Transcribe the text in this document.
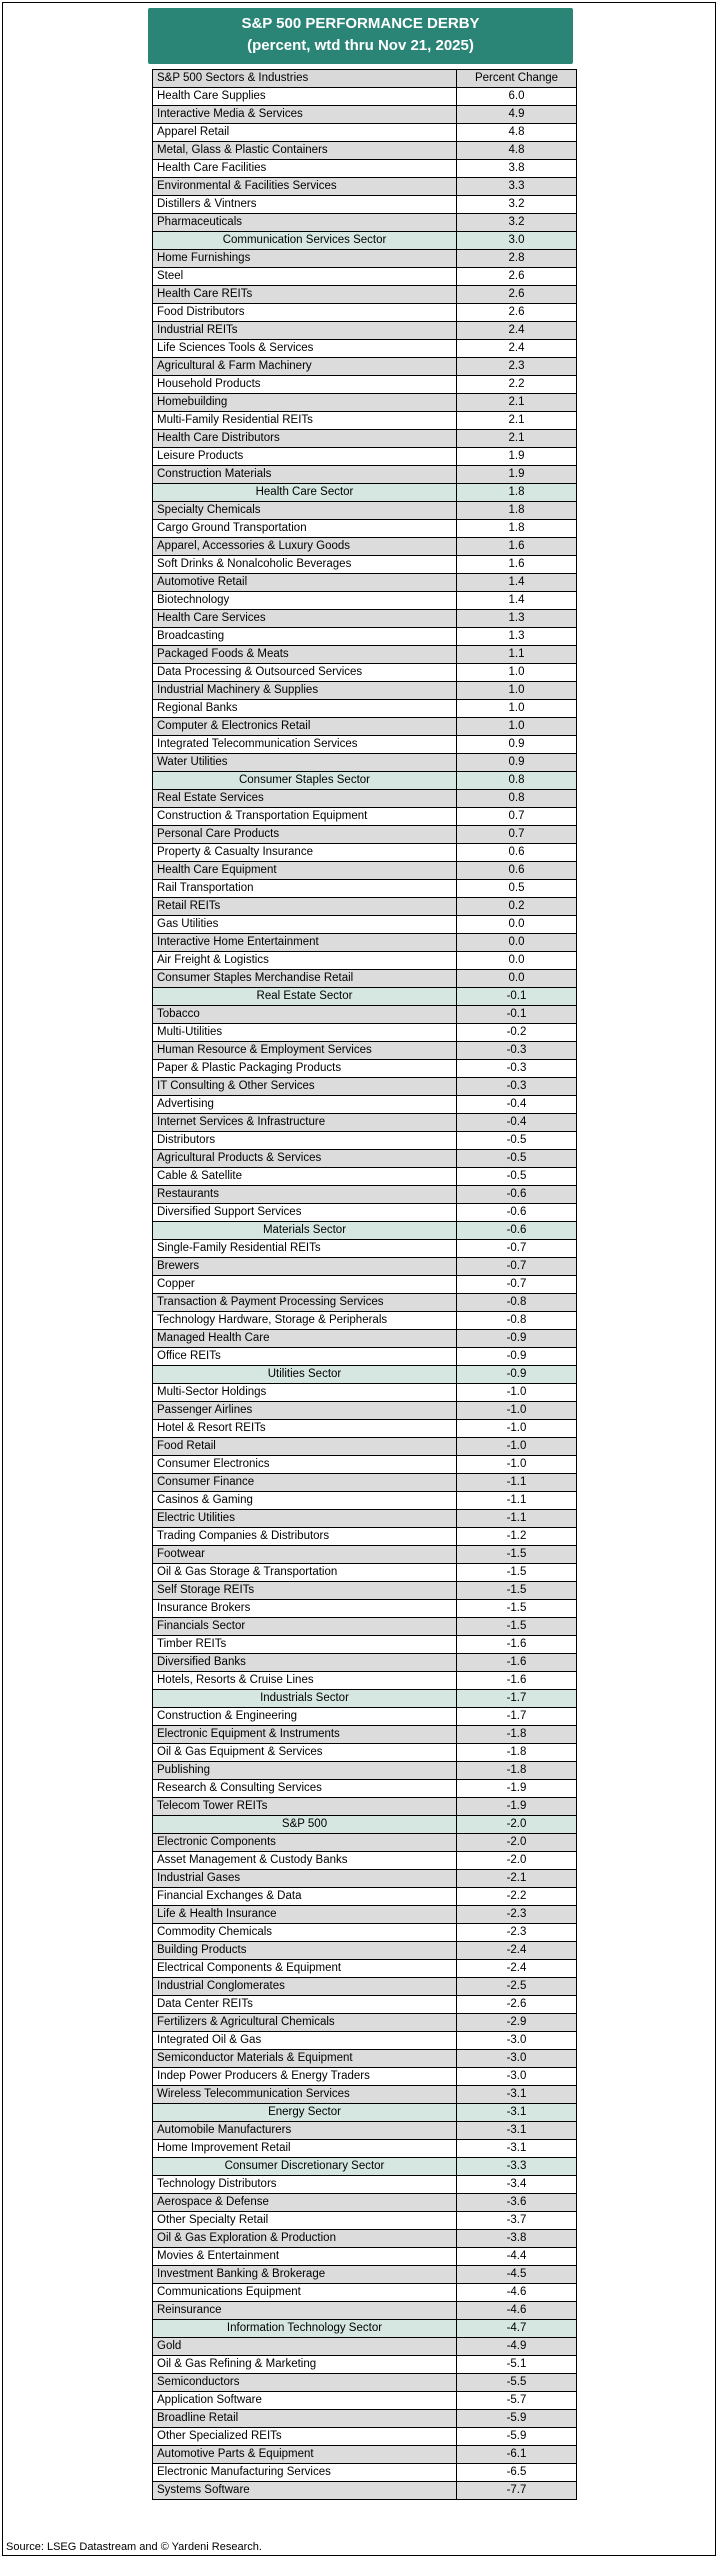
S&P 500 PERFORMANCE DERBY
(percent, wtd thru Nov 21, 2025)
S&P 500 Sectors & Industries	Percent Change
Health Care Supplies	6.0
Interactive Media & Services	4.9
Apparel Retail	4.8
Metal, Glass & Plastic Containers	4.8
Health Care Facilities	3.8
Environmental & Facilities Services	3.3
Distillers & Vintners	3.2
Pharmaceuticals	3.2
Communication Services Sector	3.0
Home Furnishings	2.8
Steel	2.6
Health Care REITs	2.6
Food Distributors	2.6
Industrial REITs	2.4
Life Sciences Tools & Services	2.4
Agricultural & Farm Machinery	2.3
Household Products	2.2
Homebuilding	2.1
Multi-Family Residential REITs	2.1
Health Care Distributors	2.1
Leisure Products	1.9
Construction Materials	1.9
Health Care Sector	1.8
Specialty Chemicals	1.8
Cargo Ground Transportation	1.8
Apparel, Accessories & Luxury Goods	1.6
Soft Drinks & Nonalcoholic Beverages	1.6
Automotive Retail	1.4
Biotechnology	1.4
Health Care Services	1.3
Broadcasting	1.3
Packaged Foods & Meats	1.1
Data Processing & Outsourced Services	1.0
Industrial Machinery & Supplies	1.0
Regional Banks	1.0
Computer & Electronics Retail	1.0
Integrated Telecommunication Services	0.9
Water Utilities	0.9
Consumer Staples Sector	0.8
Real Estate Services	0.8
Construction & Transportation Equipment	0.7
Personal Care Products	0.7
Property & Casualty Insurance	0.6
Health Care Equipment	0.6
Rail Transportation	0.5
Retail REITs	0.2
Gas Utilities	0.0
Interactive Home Entertainment	0.0
Air Freight & Logistics	0.0
Consumer Staples Merchandise Retail	0.0
Real Estate Sector	-0.1
Tobacco	-0.1
Multi-Utilities	-0.2
Human Resource & Employment Services	-0.3
Paper & Plastic Packaging Products	-0.3
IT Consulting & Other Services	-0.3
Advertising	-0.4
Internet Services & Infrastructure	-0.4
Distributors	-0.5
Agricultural Products & Services	-0.5
Cable & Satellite	-0.5
Restaurants	-0.6
Diversified Support Services	-0.6
Materials Sector	-0.6
Single-Family Residential REITs	-0.7
Brewers	-0.7
Copper	-0.7
Transaction & Payment Processing Services	-0.8
Technology Hardware, Storage & Peripherals	-0.8
Managed Health Care	-0.9
Office REITs	-0.9
Utilities Sector	-0.9
Multi-Sector Holdings	-1.0
Passenger Airlines	-1.0
Hotel & Resort REITs	-1.0
Food Retail	-1.0
Consumer Electronics	-1.0
Consumer Finance	-1.1
Casinos & Gaming	-1.1
Electric Utilities	-1.1
Trading Companies & Distributors	-1.2
Footwear	-1.5
Oil & Gas Storage & Transportation	-1.5
Self Storage REITs	-1.5
Insurance Brokers	-1.5
Financials Sector	-1.5
Timber REITs	-1.6
Diversified Banks	-1.6
Hotels, Resorts & Cruise Lines	-1.6
Industrials Sector	-1.7
Construction & Engineering	-1.7
Electronic Equipment & Instruments	-1.8
Oil & Gas Equipment & Services	-1.8
Publishing	-1.8
Research & Consulting Services	-1.9
Telecom Tower REITs	-1.9
S&P 500	-2.0
Electronic Components	-2.0
Asset Management & Custody Banks	-2.0
Industrial Gases	-2.1
Financial Exchanges & Data	-2.2
Life & Health Insurance	-2.3
Commodity Chemicals	-2.3
Building Products	-2.4
Electrical Components & Equipment	-2.4
Industrial Conglomerates	-2.5
Data Center REITs	-2.6
Fertilizers & Agricultural Chemicals	-2.9
Integrated Oil & Gas	-3.0
Semiconductor Materials & Equipment	-3.0
Indep Power Producers & Energy Traders	-3.0
Wireless Telecommunication Services	-3.1
Energy Sector	-3.1
Automobile Manufacturers	-3.1
Home Improvement Retail	-3.1
Consumer Discretionary Sector	-3.3
Technology Distributors	-3.4
Aerospace & Defense	-3.6
Other Specialty Retail	-3.7
Oil & Gas Exploration & Production	-3.8
Movies & Entertainment	-4.4
Investment Banking & Brokerage	-4.5
Communications Equipment	-4.6
Reinsurance	-4.6
Information Technology Sector	-4.7
Gold	-4.9
Oil & Gas Refining & Marketing	-5.1
Semiconductors	-5.5
Application Software	-5.7
Broadline Retail	-5.9
Other Specialized REITs	-5.9
Automotive Parts & Equipment	-6.1
Electronic Manufacturing Services	-6.5
Systems Software	-7.7
Source: LSEG Datastream and © Yardeni Research.
